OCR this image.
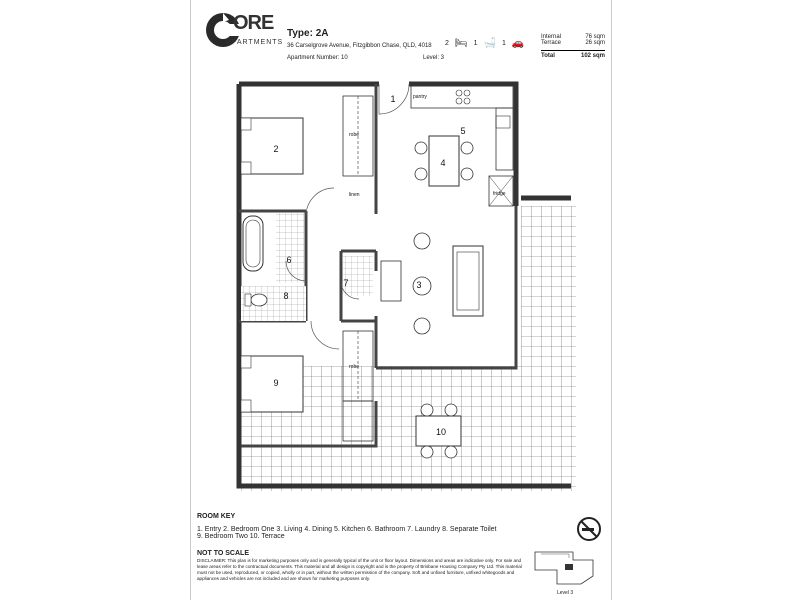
ORE
APARTMENTS
Type: 2A
36 Carselgrove Avenue, Fitzgibbon Chase, QLD, 4018
Apartment Number: 10	Level: 3
2 🛏 1 🛁 1 🚗
Internal	76 sqm
Terrace	26 sqm
Total	102 sqm
1
2
3
4
5
6
7
8
9
10
robe
robe
linen
pantry
fridge
ROOM KEY
1. Entry 2. Bedroom One 3. Living 4. Dining 5. Kitchen 6. Bathroom 7. Laundry 8. Separate Toilet 9. Bedroom Two 10. Terrace
NOT TO SCALE
DISCLAIMER: This plan is for marketing purposes only and is generally typical of the unit or floor layout. Dimensions and areas are indicative only. For sale and lease areas refer to the contractual documents. This material and all design is copyright and is the property of Brisbane Housing Company Pty Ltd. This material must not be used, reproduced, or copied, wholly or in part, without the written permission of the company. Soft and unfixed furniture, unfixed whitegoods and appliances and vehicles are not included and are shown for marketing purposes only.
Level 3
